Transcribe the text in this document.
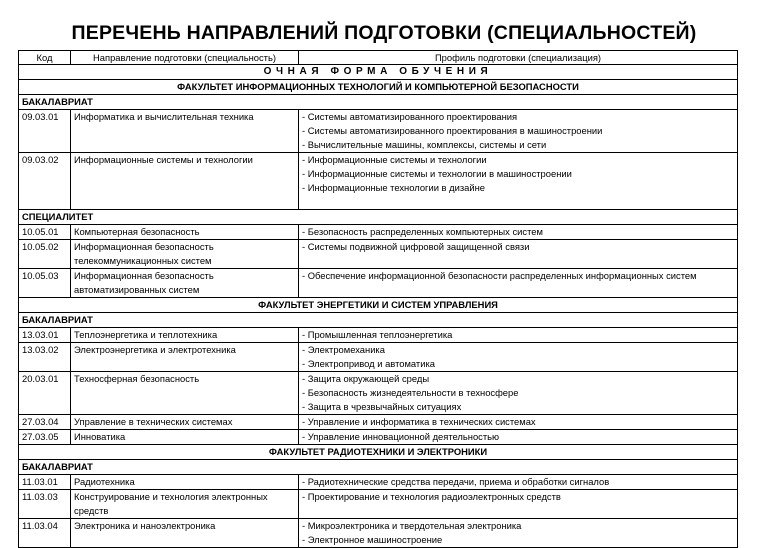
ПЕРЕЧЕНЬ НАПРАВЛЕНИЙ ПОДГОТОВКИ (СПЕЦИАЛЬНОСТЕЙ)
Код	Направление подготовки (специальность)	Профиль подготовки (специализация)
ОЧНАЯ ФОРМА ОБУЧЕНИЯ		
ФАКУЛЬТЕТ ИНФОРМАЦИОННЫХ ТЕХНОЛОГИЙ И КОМПЬЮТЕРНОЙ БЕЗОПАСНОСТИ		
БАКАЛАВРИАТ		
09.03.01	Информатика и вычислительная техника	- Системы автоматизированного проектирования
- Системы автоматизированного проектирования в машиностроении
- Вычислительные машины, комплексы, системы и сети

09.03.02	Информационные системы и технологии	- Информационные системы и технологии
- Информационные системы и технологии в машиностроении
- Информационные технологии в дизайне

СПЕЦИАЛИТЕТ		
10.05.01	Компьютерная безопасность	- Безопасность распределенных компьютерных систем

10.05.02	Информационная безопасность
телекоммуникационных систем	- Системы подвижной цифровой защищенной связи

10.05.03	Информационная безопасность
автоматизированных систем	- Обеспечение информационной безопасности распределенных информационных систем

ФАКУЛЬТЕТ ЭНЕРГЕТИКИ И СИСТЕМ УПРАВЛЕНИЯ		
БАКАЛАВРИАТ		
13.03.01	Теплоэнергетика и теплотехника	- Промышленная теплоэнергетика

13.03.02	Электроэнергетика и электротехника	- Электромеханика
- Электропривод и автоматика

20.03.01	Техносферная безопасность	- Защита окружающей среды
- Безопасность жизнедеятельности в техносфере
- Защита в чрезвычайных ситуациях

27.03.04	Управление в технических системах	- Управление и информатика в технических системах

27.03.05	Инноватика	- Управление инновационной деятельностью

ФАКУЛЬТЕТ РАДИОТЕХНИКИ И ЭЛЕКТРОНИКИ		
БАКАЛАВРИАТ		
11.03.01	Радиотехника	- Радиотехнические средства передачи, приема и обработки сигналов

11.03.03	Конструирование и технология электронных
средств	- Проектирование и технология радиоэлектронных средств

11.03.04	Электроника и наноэлектроника	- Микроэлектроника и твердотельная электроника
- Электронное машиностроение
